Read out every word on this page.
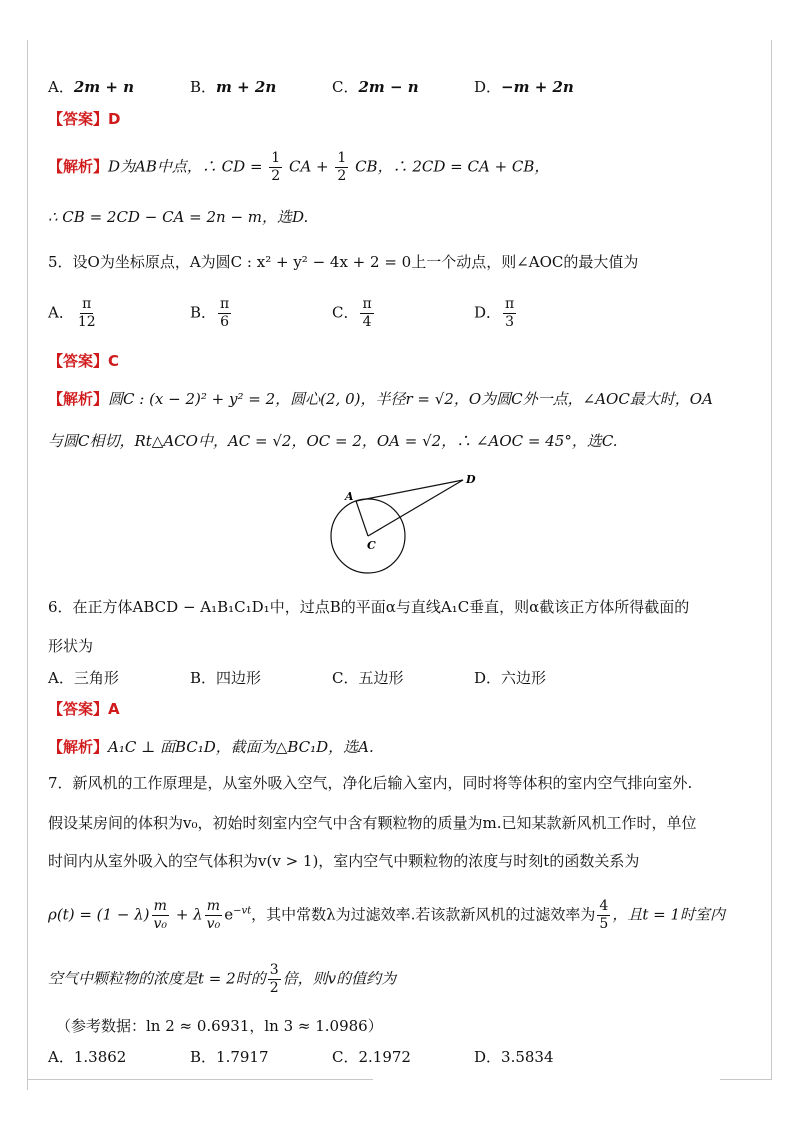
A．2m + n	B．m + 2n	C．2m − n	D．−m + 2n
【答案】D
【解析】D为AB中点，∴ CD = $\frac{1}{2}$ CA + $\frac{1}{2}$ CB，∴ 2CD = CA + CB，
∴ CB = 2CD − CA = 2n − m，选D.
5．设O为坐标原点，A为圆C : x² + y² − 4x + 2 = 0上一个动点，则∠AOC的最大值为
A． $\frac{\pi}{12}$	B． $\frac{\pi}{6}$	C． $\frac{\pi}{4}$	D． $\frac{\pi}{3}$
【答案】C
【解析】圆C : (x − 2)² + y² = 2，圆心(2, 0)，半径r = √2，O为圆C外一点，∠AOC最大时，OA
与圆C相切，Rt△ACO中，AC = √2，OC = 2，OA = √2，∴ ∠AOC = 45°，选C.
A
C
D
6．在正方体ABCD − A₁B₁C₁D₁中，过点B的平面α与直线A₁C垂直，则α截该正方体所得截面的
形状为
A．三角形	B．四边形	C．五边形	D．六边形
【答案】A
【解析】A₁C ⊥ 面BC₁D，截面为△BC₁D，选A.
7．新风机的工作原理是，从室外吸入空气，净化后输入室内，同时将等体积的室内空气排向室外.
假设某房间的体积为v₀，初始时刻室内空气中含有颗粒物的质量为m.已知某款新风机工作时，单位
时间内从室外吸入的空气体积为v(v > 1)，室内空气中颗粒物的浓度与时刻t的函数关系为
$\rho(t) = (1 - \lambda) \frac{m}{\text{v₀}} + \lambda \frac{m}{\text{v₀}} e^{-vt}$，其中常数λ为过滤效率.若该款新风机的过滤效率为 $\frac{4}{5}$ ，且t = 1时室内
空气中颗粒物的浓度是t = 2时的 $\frac{3}{2}$ 倍，则v的值约为
（参考数据：ln 2 ≈ 0.6931，ln 3 ≈ 1.0986）
A．1.3862	B．1.7917	C．2.1972	D．3.5834
